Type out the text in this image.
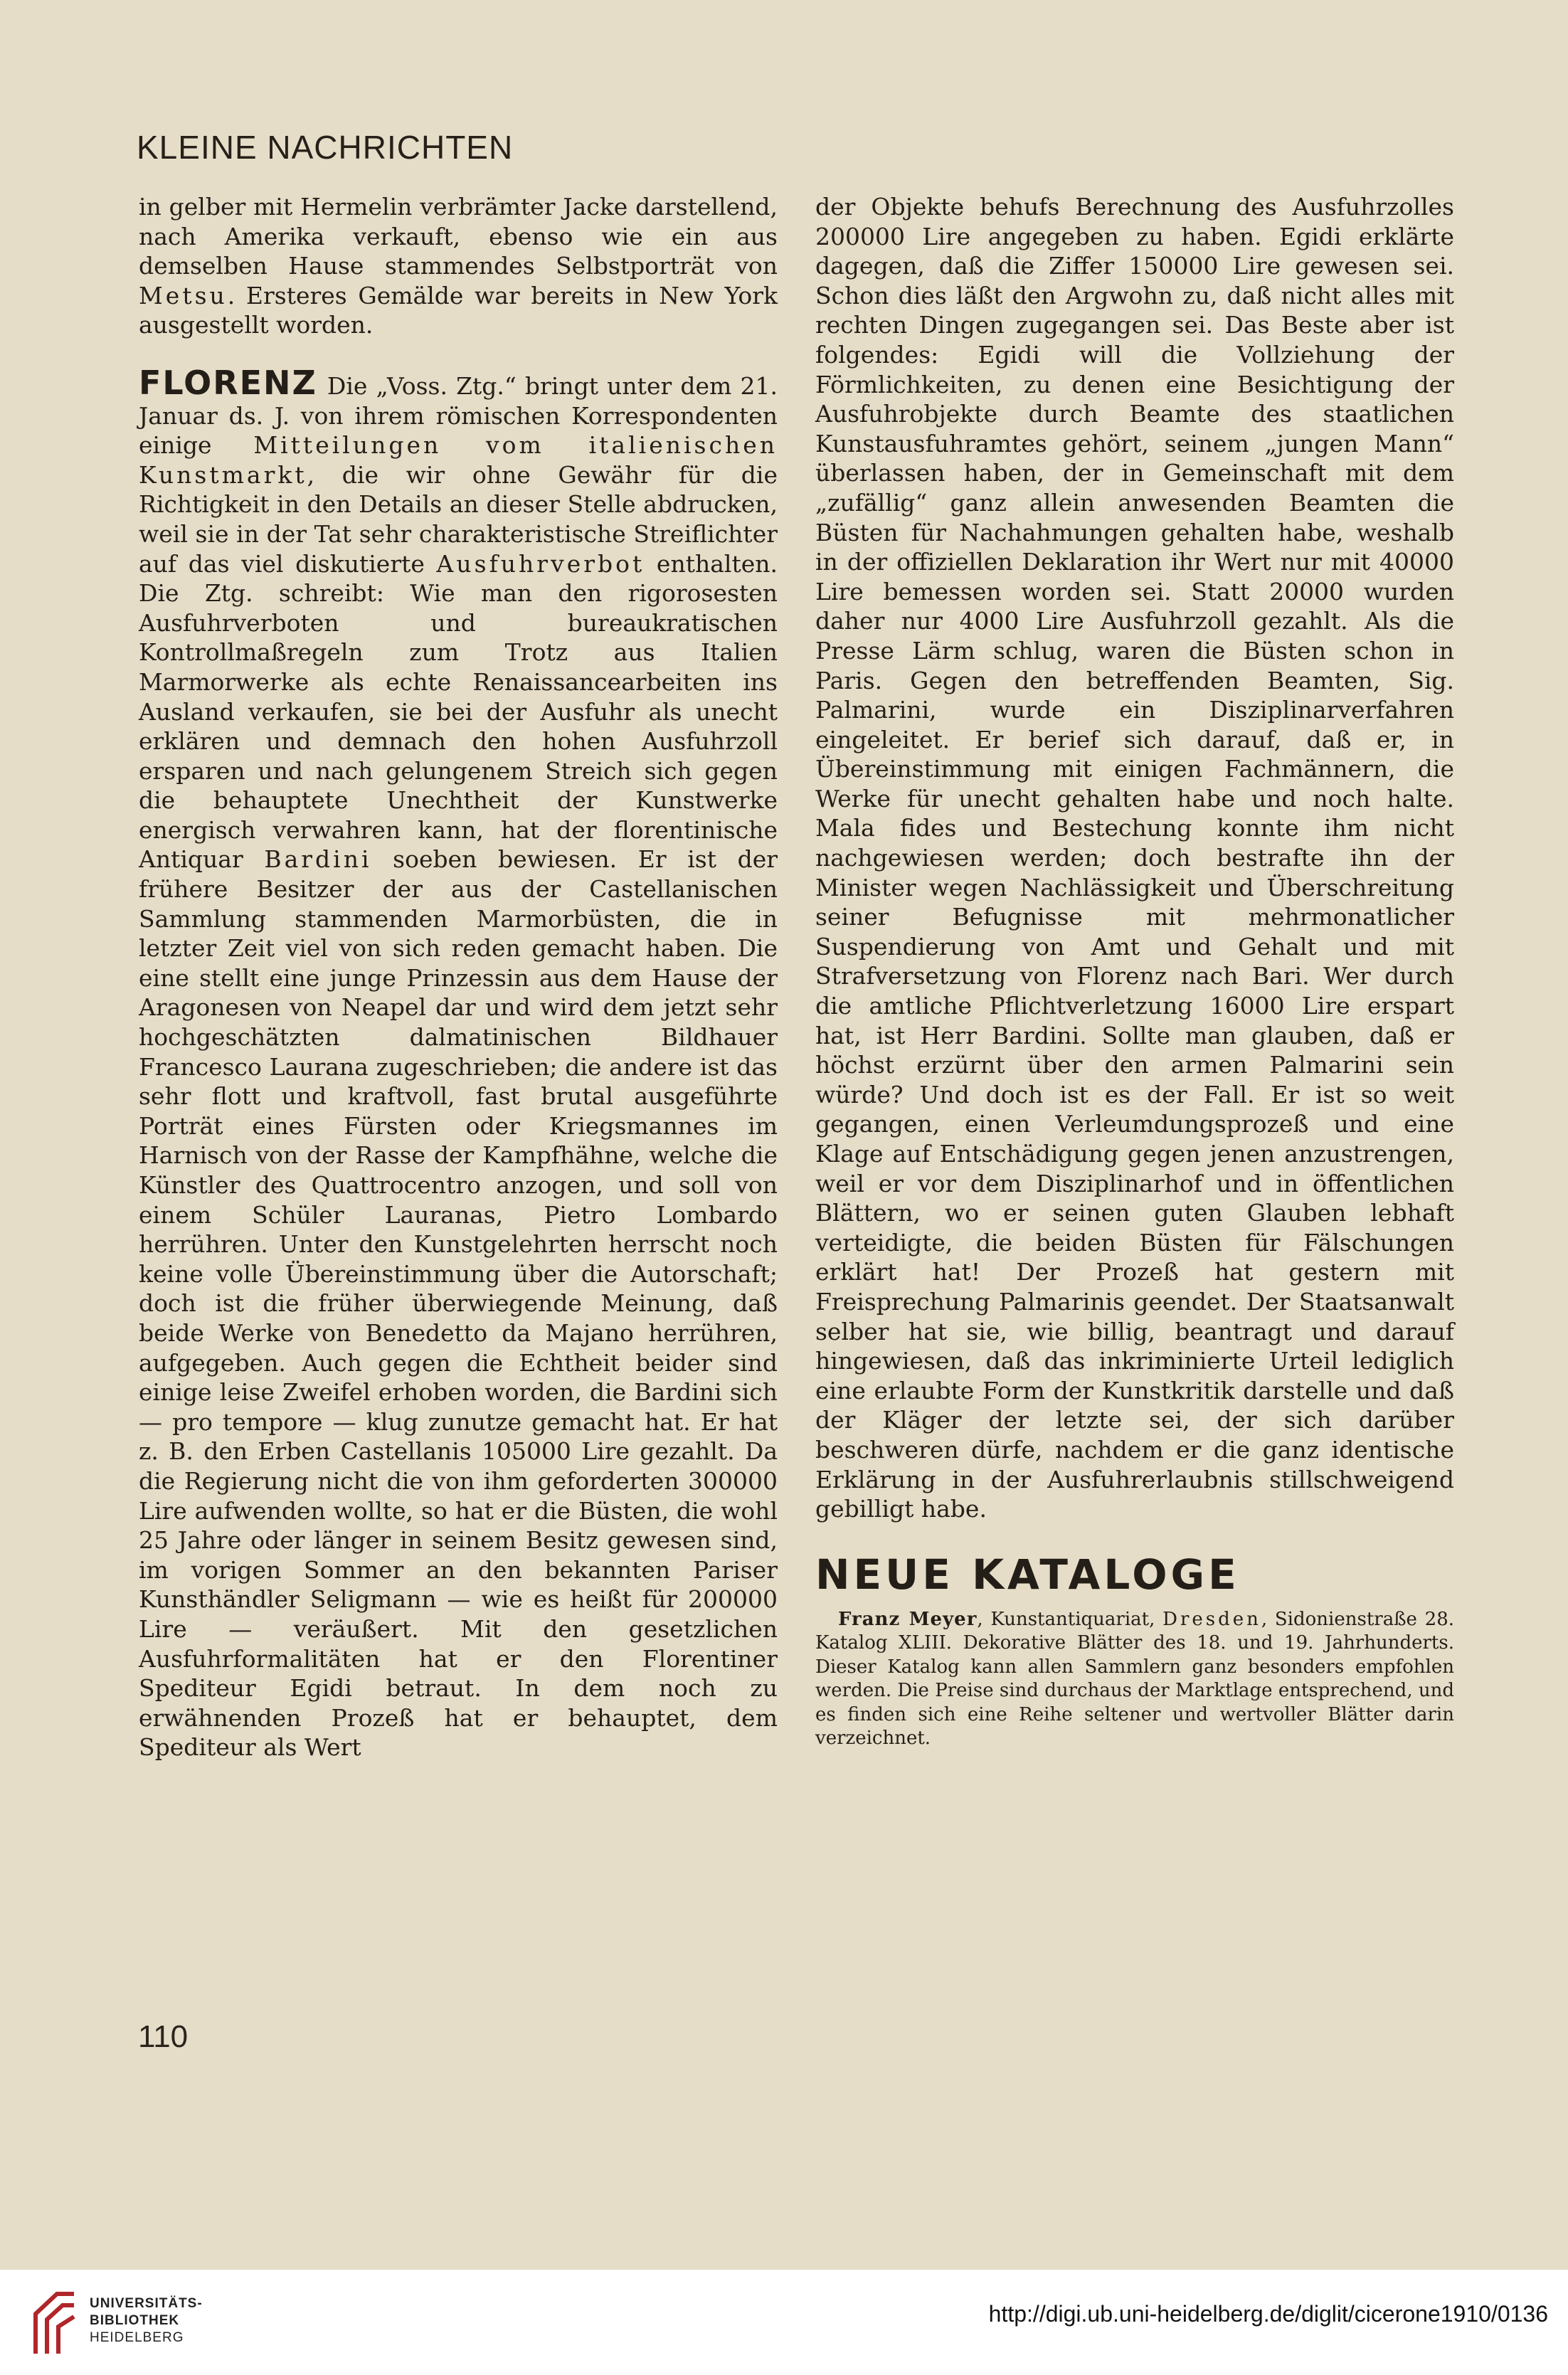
KLEINE NACHRICHTEN

in gelber mit Hermelin verbrämter Jacke darstellend, nach Amerika verkauft, ebenso wie ein aus demselben Hause stammendes Selbstporträt von Metsu. Ersteres Gemälde war bereits in New York ausgestellt worden.

FLORENZ Die „Voss. Ztg.“ bringt unter dem 21. Januar ds. J. von ihrem römischen Korrespondenten einige Mitteilungen vom italienischen Kunstmarkt, die wir ohne Gewähr für die Richtigkeit in den Details an dieser Stelle abdrucken, weil sie in der Tat sehr charakteristische Streiflichter auf das viel diskutierte Ausfuhrverbot enthalten. Die Ztg. schreibt: Wie man den rigorosesten Ausfuhrverboten und bureaukratischen Kontrollmaßregeln zum Trotz aus Italien Marmorwerke als echte Renaissancearbeiten ins Ausland verkaufen, sie bei der Ausfuhr als unecht erklären und demnach den hohen Ausfuhrzoll ersparen und nach gelungenem Streich sich gegen die behauptete Unechtheit der Kunstwerke energisch verwahren kann, hat der florentinische Antiquar Bardini soeben bewiesen. Er ist der frühere Besitzer der aus der Castellanischen Sammlung stammenden Marmorbüsten, die in letzter Zeit viel von sich reden gemacht haben. Die eine stellt eine junge Prinzessin aus dem Hause der Aragonesen von Neapel dar und wird dem jetzt sehr hochgeschätzten dalmatinischen Bildhauer Francesco Laurana zugeschrieben; die andere ist das sehr flott und kraftvoll, fast brutal ausgeführte Porträt eines Fürsten oder Kriegsmannes im Harnisch von der Rasse der Kampfhähne, welche die Künstler des Quattrocentro anzogen, und soll von einem Schüler Lauranas, Pietro Lombardo herrühren. Unter den Kunstgelehrten herrscht noch keine volle Übereinstimmung über die Autorschaft; doch ist die früher überwiegende Meinung, daß beide Werke von Benedetto da Majano herrühren, aufgegeben. Auch gegen die Echtheit beider sind einige leise Zweifel erhoben worden, die Bardini sich — pro tempore — klug zunutze gemacht hat. Er hat z. B. den Erben Castellanis 105000 Lire gezahlt. Da die Regierung nicht die von ihm geforderten 300000 Lire aufwenden wollte, so hat er die Büsten, die wohl 25 Jahre oder länger in seinem Besitz gewesen sind, im vorigen Sommer an den bekannten Pariser Kunsthändler Seligmann — wie es heißt für 200000 Lire — veräußert. Mit den gesetzlichen Ausfuhrformalitäten hat er den Florentiner Spediteur Egidi betraut. In dem noch zu erwähnenden Prozeß hat er behauptet, dem Spediteur als Wert

der Objekte behufs Berechnung des Ausfuhrzolles 200000 Lire angegeben zu haben. Egidi erklärte dagegen, daß die Ziffer 150000 Lire gewesen sei. Schon dies läßt den Argwohn zu, daß nicht alles mit rechten Dingen zugegangen sei. Das Beste aber ist folgendes: Egidi will die Vollziehung der Förmlichkeiten, zu denen eine Besichtigung der Ausfuhrobjekte durch Beamte des staatlichen Kunstausfuhramtes gehört, seinem „jungen Mann“ überlassen haben, der in Gemeinschaft mit dem „zufällig“ ganz allein anwesenden Beamten die Büsten für Nachahmungen gehalten habe, weshalb in der offiziellen Deklaration ihr Wert nur mit 40000 Lire bemessen worden sei. Statt 20000 wurden daher nur 4000 Lire Ausfuhrzoll gezahlt. Als die Presse Lärm schlug, waren die Büsten schon in Paris. Gegen den betreffenden Beamten, Sig. Palmarini, wurde ein Disziplinarverfahren eingeleitet. Er berief sich darauf, daß er, in Übereinstimmung mit einigen Fachmännern, die Werke für unecht gehalten habe und noch halte. Mala fides und Bestechung konnte ihm nicht nachgewiesen werden; doch bestrafte ihn der Minister wegen Nachlässigkeit und Überschreitung seiner Befugnisse mit mehrmonatlicher Suspendierung von Amt und Gehalt und mit Strafversetzung von Florenz nach Bari. Wer durch die amtliche Pflichtverletzung 16000 Lire erspart hat, ist Herr Bardini. Sollte man glauben, daß er höchst erzürnt über den armen Palmarini sein würde? Und doch ist es der Fall. Er ist so weit gegangen, einen Verleumdungsprozeß und eine Klage auf Entschädigung gegen jenen anzustrengen, weil er vor dem Disziplinarhof und in öffentlichen Blättern, wo er seinen guten Glauben lebhaft verteidigte, die beiden Büsten für Fälschungen erklärt hat! Der Prozeß hat gestern mit Freisprechung Palmarinis geendet. Der Staatsanwalt selber hat sie, wie billig, beantragt und darauf hingewiesen, daß das inkriminierte Urteil lediglich eine erlaubte Form der Kunstkritik darstelle und daß der Kläger der letzte sei, der sich darüber beschweren dürfe, nachdem er die ganz identische Erklärung in der Ausfuhrerlaubnis stillschweigend gebilligt habe.

NEUE KATALOGE

Franz Meyer, Kunstantiquariat, Dresden, Sidonienstraße 28. Katalog XLIII. Dekorative Blätter des 18. und 19. Jahrhunderts. Dieser Katalog kann allen Sammlern ganz besonders empfohlen werden. Die Preise sind durchaus der Marktlage entsprechend, und es finden sich eine Reihe seltener und wertvoller Blätter darin verzeichnet.

110
UNIVERSITÄTS-
BIBLIOTHEK
HEIDELBERG
http://digi.ub.uni-heidelberg.de/diglit/cicerone1910/0136
